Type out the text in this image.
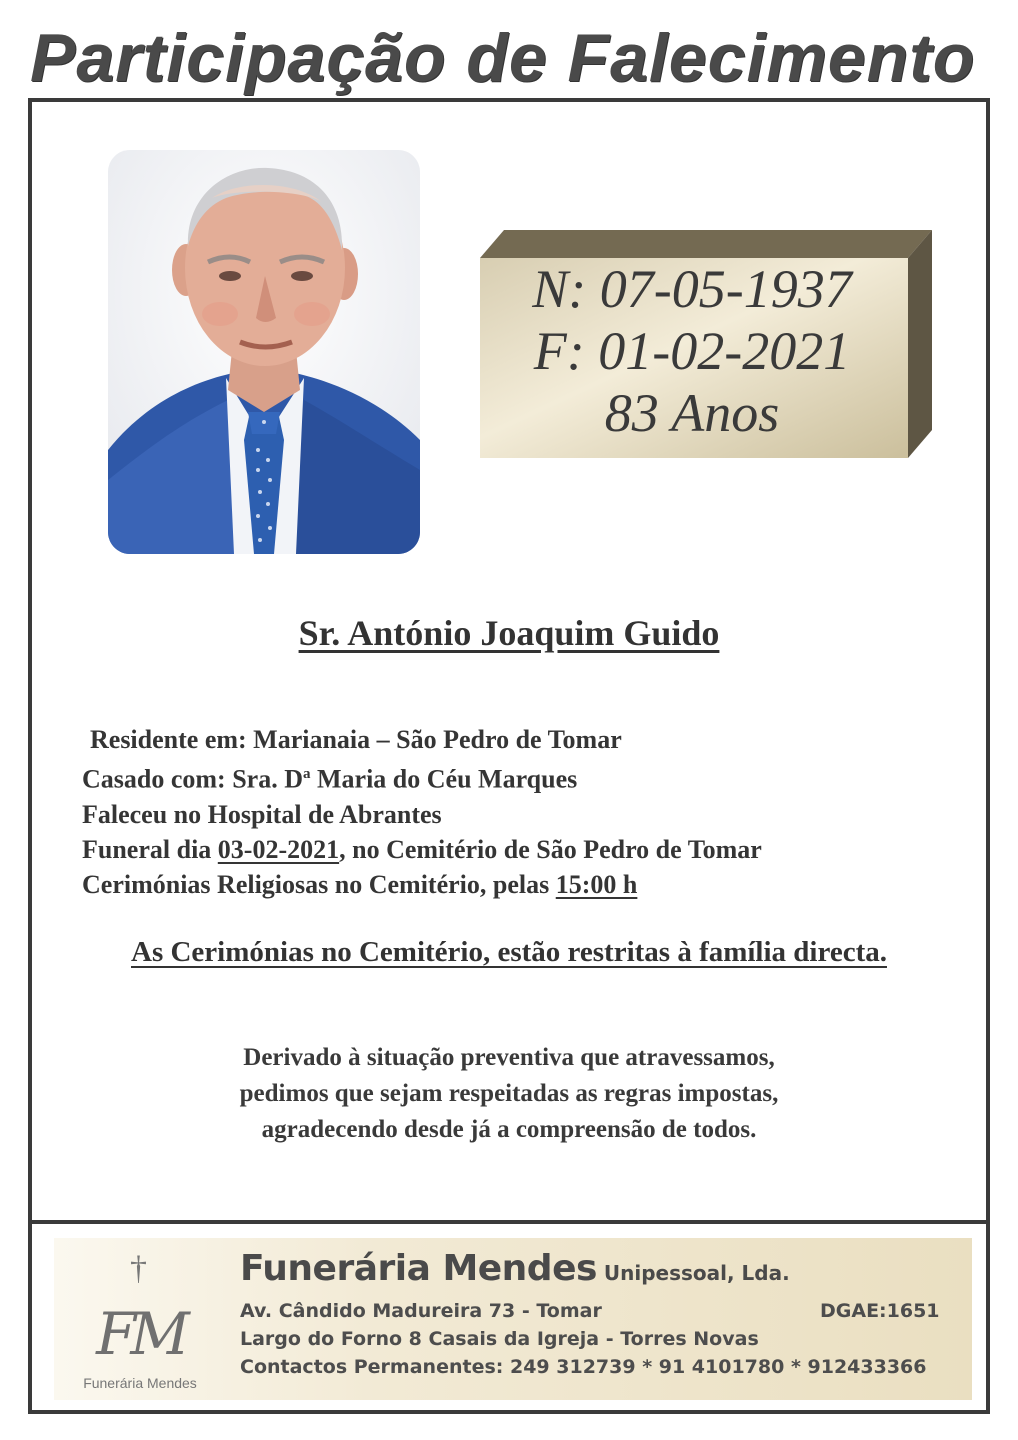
Participação de Falecimento
N: 07-05-1937
F: 01-02-2021
83 Anos
Sr. António Joaquim Guido
Residente em: Marianaia – São Pedro de Tomar
Casado com: Sra. $D^a$ Maria do Céu Marques
Faleceu no Hospital de Abrantes
Funeral dia 03-02-2021, no Cemitério de São Pedro de Tomar
Cerimónias Religiosas no Cemitério, pelas 15:00 h
As Cerimónias no Cemitério, estão restritas à família directa.
Derivado à situação preventiva que atravessamos,
pedimos que sejam respeitadas as regras impostas,
agradecendo desde já a compreensão de todos.
†
FM
Funerária Mendes
Funerária Mendes Unipessoal, Lda.
Av. Cândido Madureira 73 - Tomar	DGAE:1651
Largo do Forno 8 Casais da Igreja - Torres Novas
Contactos Permanentes: 249 312739 * 91 4101780 * 912433366
